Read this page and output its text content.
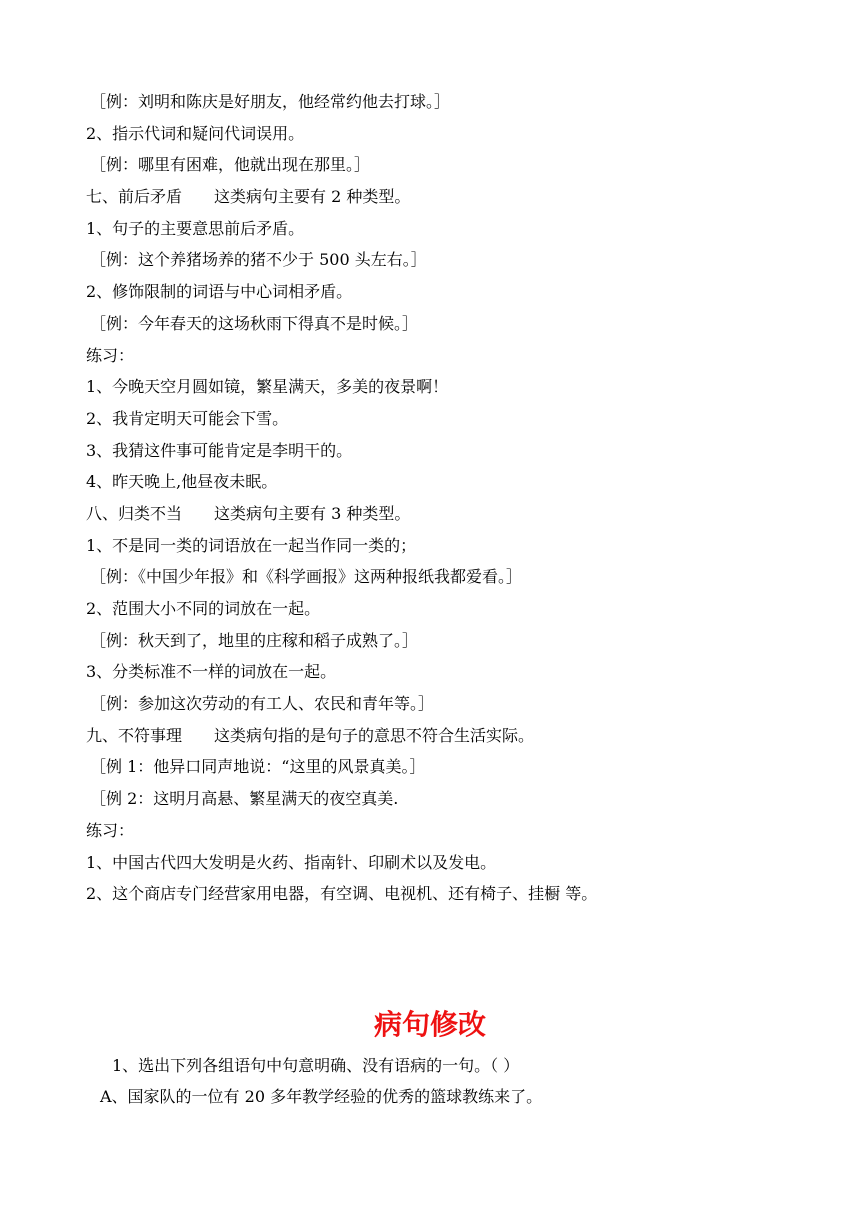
［例：刘明和陈庆是好朋友，他经常约他去打球。］
2、指示代词和疑问代词误用。
［例：哪里有困难，他就出现在那里。］
七、前后矛盾　　这类病句主要有 2 种类型。
1、句子的主要意思前后矛盾。
［例：这个养猪场养的猪不少于 500 头左右。］
2、修饰限制的词语与中心词相矛盾。
［例：今年春天的这场秋雨下得真不是时候。］
练习：
1、今晚天空月圆如镜，繁星满天，多美的夜景啊！
2、我肯定明天可能会下雪。
3、我猜这件事可能肯定是李明干的。
4、昨天晚上,他昼夜未眠。
八、归类不当　　这类病句主要有 3 种类型。
1、不是同一类的词语放在一起当作同一类的；
［例：《中国少年报》和《科学画报》这两种报纸我都爱看。］
2、范围大小不同的词放在一起。
［例：秋天到了，地里的庄稼和稻子成熟了。］
3、分类标准不一样的词放在一起。
［例：参加这次劳动的有工人、农民和青年等。］
九、不符事理　　这类病句指的是句子的意思不符合生活实际。
［例 1：他异口同声地说：“这里的风景真美。］
［例 2：这明月高悬、繁星满天的夜空真美.
练习：
1、中国古代四大发明是火药、指南针、印刷术以及发电。
2、这个商店专门经营家用电器，有空调、电视机、还有椅子、挂橱 等。
病句修改
1、选出下列各组语句中句意明确、没有语病的一句。（ ）
A、国家队的一位有 20 多年教学经验的优秀的篮球教练来了。
